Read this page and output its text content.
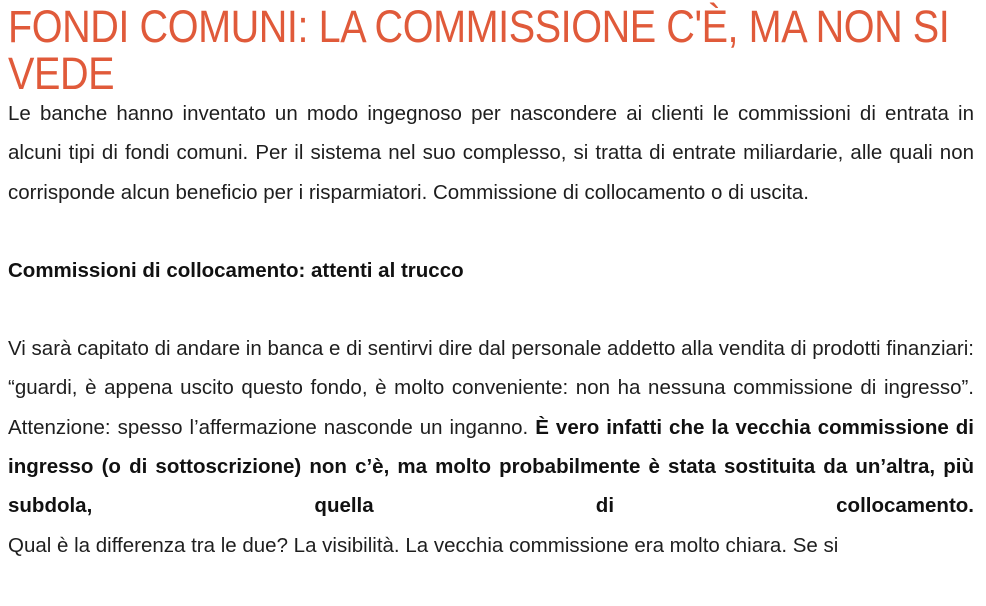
FONDI COMUNI: LA COMMISSIONE C'È, MA NON SI VEDE

Le banche hanno inventato un modo ingegnoso per nascondere ai clienti le commissioni di entrata in alcuni tipi di fondi comuni. Per il sistema nel suo complesso, si tratta di entrate miliardarie, alle quali non corrisponde alcun beneficio per i risparmiatori. Commissione di collocamento o di uscita.

Commissioni di collocamento: attenti al trucco

Vi sarà capitato di andare in banca e di sentirvi dire dal personale addetto alla vendita di prodotti finanziari: “guardi, è appena uscito questo fondo, è molto conveniente: non ha nessuna commissione di ingresso”. Attenzione: spesso l’affermazione nasconde un inganno. È vero infatti che la vecchia commissione di ingresso (o di sottoscrizione) non c’è, ma molto probabilmente è stata sostituita da un’altra, più subdola, quella di collocamento. Qual è la differenza tra le due? La visibilità. La vecchia commissione era molto chiara. Se si
